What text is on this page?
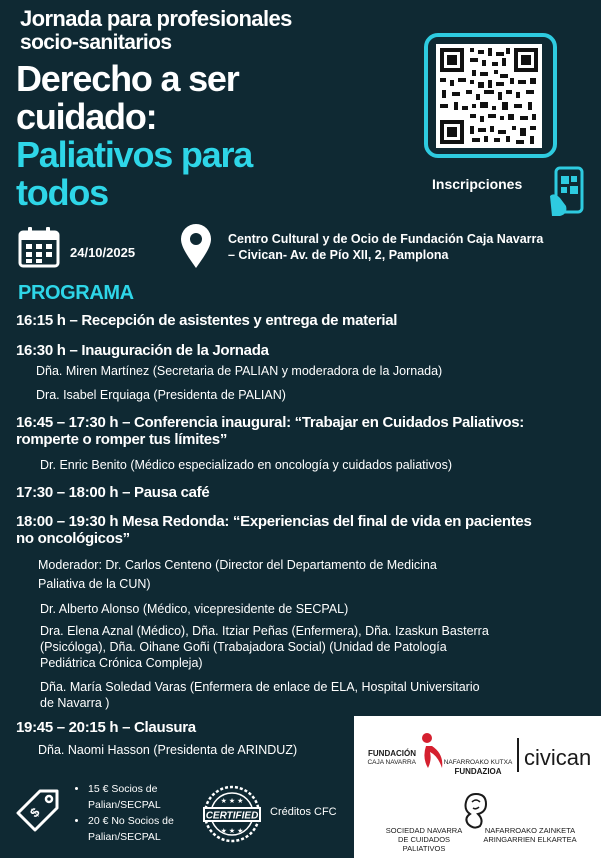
Jornada para profesionales
socio-sanitarios
Derecho a ser
cuidado:
Paliativos para
todos	Inscripciones
24/10/2025
Centro Cultural y de Ocio de Fundación Caja Navarra
– Civican- Av. de Pío XII, 2, Pamplona
PROGRAMA
16:15 h – Recepción de asistentes y entrega de material
16:30 h – Inauguración de la Jornada
Dña. Miren Martínez (Secretaria de PALIAN y moderadora de la Jornada)
Dra. Isabel Erquiaga (Presidenta de PALIAN)
16:45 – 17:30 h – Conferencia inaugural: “Trabajar en Cuidados Paliativos:
romperte o romper tus límites”
Dr. Enric Benito (Médico especializado en oncología y cuidados paliativos)
17:30 – 18:00 h – Pausa café
18:00 – 19:30 h Mesa Redonda: “Experiencias del final de vida en pacientes
no oncológicos”
Moderador: Dr. Carlos Centeno (Director del Departamento de Medicina
Paliativa de la CUN)
Dr. Alberto Alonso (Médico, vicepresidente de SECPAL)
Dra. Elena Aznal (Médico), Dña. Itziar Peñas (Enfermera), Dña. Izaskun Basterra
(Psicóloga), Dña. Oihane Goñi (Trabajadora Social) (Unidad de Patología
Pediátrica Crónica Compleja)
Dña. María Soledad Varas (Enfermera de enlace de ELA, Hospital Universitario
de Navarra )
19:45 – 20:15 h – Clausura
Dña. Naomi Hasson (Presidenta de ARINDUZ)
$
• 15 € Socios de
Palian/SECPAL
• 20 € No Socios de
Palian/SECPAL
CERTIFIED
★ ★ ★
★ ★ ★
Créditos CFC
FUNDACIÓN
CAJA NAVARRA	NAFARROAKO KUTXA
FUNDAZIOA
civican
SOCIEDAD NAVARRA
DE CUIDADOS PALIATIVOS
NAFARROAKO ZAINKETA
ARINGARRIEN ELKARTEA
